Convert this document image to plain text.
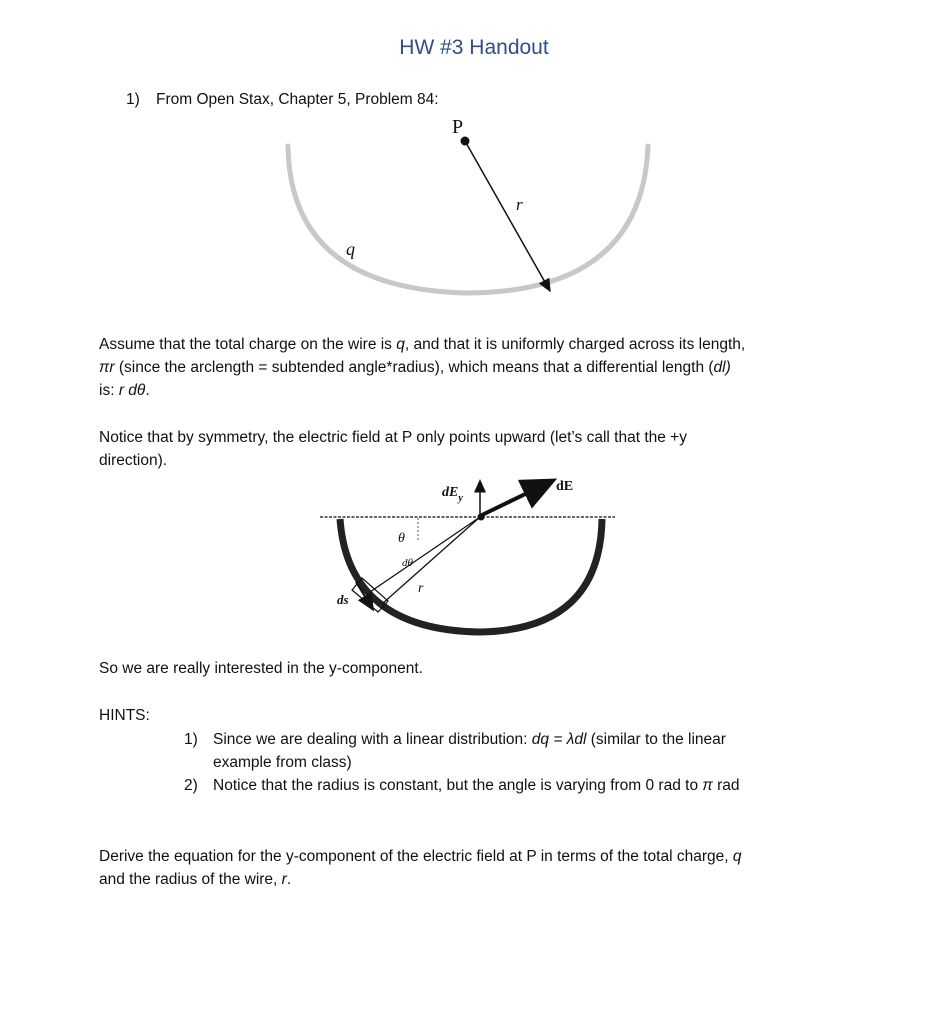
HW #3 Handout
1) From Open Stax, Chapter 5, Problem 84:
P
r
q
Assume that the total charge on the wire is q, and that it is uniformly charged across its length,
πr (since the arclength = subtended angle*radius), which means that a differential length (dl)
is: r dθ.
Notice that by symmetry, the electric field at P only points upward (let’s call that the +y
direction).
dE
$dE_y$
θ
dθ
r
ds
So we are really interested in the y-component.
HINTS:
1) Since we are dealing with a linear distribution: dq = λdl (similar to the linear
example from class)
2) Notice that the radius is constant, but the angle is varying from 0 rad to π rad
Derive the equation for the y-component of the electric field at P in terms of the total charge, q
and the radius of the wire, r.
